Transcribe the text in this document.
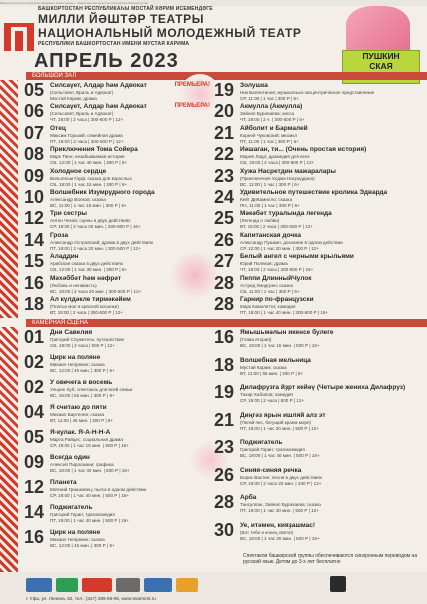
Башкортостан Республикаһы Мәҙәниәт министрлығы · Министерство культуры Республики Башкортостан
БАШКОРТОСТАН РЕСПУБЛИКАҺЫ МОСТАЙ КӘРИМ ИСЕМЕНДӘГЕ
МИЛЛИ ЙӘШТӘР ТЕАТРЫ
НАЦИОНАЛЬНЫЙ МОЛОДЕЖНЫЙ ТЕАТР
РЕСПУБЛИКИ БАШКОРТОСТАН ИМЕНИ МУСТАЯ КАРИМА
АПРЕЛЬ 2023	ПУШКИН
СКАЯ
БОЛЬШОЙ ЗАЛ
КАМЕРНАЯ СЦЕНА
05 Силсаүет, Алдар һәм Адвокат
(Сельсовет, Враль и Адвокат)
Мостай Карим; драма
ПРЕМЬЕРА!
06 Силсаүет, Алдар һәм Адвокат
(Сельсовет, Враль и Адвокат)
ЧТ, 19:00 | 2 часа | 300-600 Р | 12+
ПРЕМЬЕРА!
07 Отец
Максим Горький; семейная драма
ПТ, 19:00 | 2 часа | 300-500 Р | 12+
08 Приключения Тома Сойера
Марк Твен; незабываемая история
СБ, 12:00 | 1 час 40 мин. | 300 Р | 6+
09 Холодное сердце
Вильгельм Гауф; сказка для взрослых
СБ, 18:00 | 1 час 15 мин. | 300 Р | 6+
10 Волшебник Изумрудного города
Александр Волков; сказка
ВС, 11:00 | 1 час 15 мин. | 300 Р | 6+
12 Три сестры
Антон Чехов; сцены в двух действиях
СР, 19:00 | 2 часа 20 мин. | 300-600 Р | 16+
14 Гроза
Александр Островский; драма в двух действиях
ПТ, 19:00 | 2 часа 20 мин. | 300-500 Р | 12+
15 Аладдин
Арабская сказка в двух действиях
СБ, 12:00 | 1 час 30 мин. | 300 Р | 6+
16 Мәхәббәт һәм нәфрәт
(Любовь и ненависть)
ВС, 18:00 | 2 часа 20 мин. | 300-500 Р | 12+
18 Ал күлдәкле тирмәкәйем
(Платье мое в красной косынке)
ВТ, 19:00 | 2 часа | 300-500 Р | 12+
19 Золушка
Ник Валентинов; музыкально-эксцентрическое представление
СР, 11:00 | 1 час | 300 Р | 6+
20 Акмулла (Акмулла)
Зәйнәп Бураҡаева; хисса
ЧТ, 19:00 | 2 ч. | 300-500 Р | 6+
21 Айболит и Бармалей
Корней Чуковский; мюзикл
ПТ, 11:00 | 1 час | 300 Р | 6+
22 Йәшаган, ти... (Очень простая история)
Мария Ладо; драмедия для всех
СБ, 19:00 | 2 часа | 300-600 Р | 12+
23 Хужа Насретдин мажаралары
(Приключения Ходжи Насреддина)
ВС, 11:00 | 1 час | 300 Р | 6+
24 Удивительное путешествие кролика Эдварда
Кейт ДиКамилло; сказка
ПН, 11:00 | 1 час | 300 Р | 6+
25 Мәкәбәт туралында легенда
(Легенда о любви)
ВТ, 19:00 | 2 часа | 300-500 Р | 12+
26 Капитанская дочка
Александр Пушкин; дознание в одном действии
СР, 12:00 | 1 час 20 мин. | 300 Р | 12+
27 Белый ангел с черными крыльями
Юрий Поляков; драма
ЧТ, 19:00 | 2 часа | 300-500 Р | 16+
28 Пеппи ДлинныйЧулок
Астрид Линдгрен; сказка
СБ, 11:00 | 1 час | 300 Р | 6+
28 Гарнир по-французски
Марк Камолетти; комедия
ПТ, 18:00 | 1 час 40 мин. | 300-600 Р | 16+
01 Дни Савелия
Григорий Служитель; путешествие
СБ, 18:00 | 2 часа | 500 Р | 12+
02 Цирк на поляне
Михаил Непряхин; сказка
ВС, 12:00 | 45 мин. | 300 Р | 6+
02 У овечега в восемь
Ульрих Хуб; спектакль для всей семьи
ВС, 16:00 | 55 мин. | 300 Р | 6+
04 Я считаю до пяти
Михаил Бартенев; сказка
ВТ, 11:00 | 45 мин. | 300 Р | 6+
05 Я-кулак. Я-А-Н-Н-А
Марта Райцес; социальная драма
СР, 19:00 | 1 час 15 мин. | 500 Р | 16+
09 Всегда один
Алексей Пиросмани; графика
ВС, 18:00 | 1 час 40 мин. | 500 Р | 16+
12 Планета
Евгений Гришковец; пьеса в одном действии
СР, 19:00 | 1 час 40 мин. | 500 Р | 16+
14 Поджигатель
Григорий Горин; трагикомедия
ПТ, 19:00 | 1 час 40 мин. | 500 Р | 16+
16 Цирк на поляне
Михаил Непряхин; сказка
ВС, 12:00 | 45 мин. | 300 Р | 6+
16 Ямышьмәлын икенсе булеге
(Глава вторая)
ВС, 18:00 | 1 час 15 мин. | 500 Р | 16+
18 Волшебная мельница
Мустай Карим; сказка
ВТ, 11:00 | 55 мин. | 300 Р | 6+
19 Дилафрузга йҙрт кейәү (Четыре жениха Дилафруз)
Тахир Хабилов; комедия
СР, 19:00 | 2 часа | 500 Р | 12+
21 Диңгәз ярын ишляй алз эт
(Пегий пес, бегущий краем моря)
ПТ, 19:00 | 1 час 20 мин. | 500 Р | 12+
23 Поджигатель
Григорий Горин; трагикомедия
ВС, 18:00 | 1 час 40 мин. | 500 Р | 16+
26 Синяя-синяя речка
Борис Вахтин; песня в двух действиях
СР, 19:00 | 2 часа 20 мин. | 400 Р | 12+
28 Арба
Тансулпан, Зәйнәп Бураҡаева; сказка
ПТ, 19:00 | 1 час 40 мин. | 500 Р | 12+
30 Уе, итәмен, кияҙашмас!
(Вот тебе и конец света!)
ВС, 18:00 | 1 час 20 мин. | 500 Р | 16+
Спектакли башкирской группы обеспечиваются синхронным переводом на русский язык. Детям до 3-х лет бесплатно
г. Уфа, ул. Ленина, 62, тел.: (347) 286-59-05, www.teatrmmt.ru
